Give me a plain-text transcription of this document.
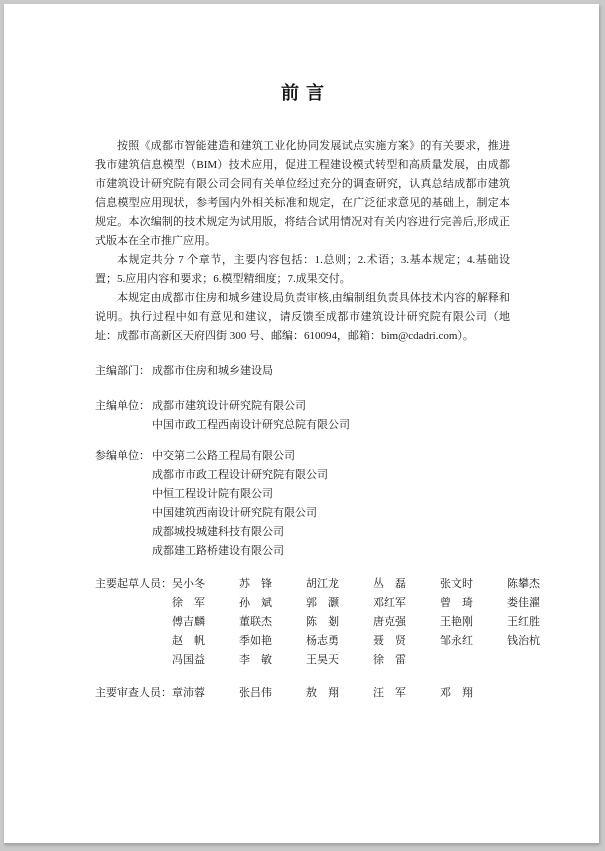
前言

按照《成都市智能建造和建筑工业化协同发展试点实施方案》的有关要求，推进我市建筑信息模型（BIM）技术应用，促进工程建设模式转型和高质量发展，由成都市建筑设计研究院有限公司会同有关单位经过充分的调查研究，认真总结成都市建筑信息模型应用现状，参考国内外相关标准和规定，在广泛征求意见的基础上，制定本规定。本次编制的技术规定为试用版，将结合试用情况对有关内容进行完善后,形成正式版本在全市推广应用。

本规定共分 7 个章节，主要内容包括：1.总则；2.术语；3.基本规定；4.基础设置；5.应用内容和要求；6.模型精细度；7.成果交付。

本规定由成都市住房和城乡建设局负责审核,由编制组负责具体技术内容的解释和说明。执行过程中如有意见和建议，请反馈至成都市建筑设计研究院有限公司（地址：成都市高新区天府四街 300 号、邮编：610094，邮箱：bim@cdadri.com）。

主编部门： 成都市住房和城乡建设局
主编单位： 成都市建筑设计研究院有限公司
中国市政工程西南设计研究总院有限公司
参编单位： 中交第二公路工程局有限公司
成都市市政工程设计研究院有限公司
中恒工程设计院有限公司
中国建筑西南设计研究院有限公司
成都城投城建科技有限公司
成都建工路桥建设有限公司
主要起草人员： 吴小冬	苏　锋	胡江龙	丛　磊	张文时	陈攀杰
徐　军	孙　斌	郭　灏	邓红军	曾　琦	娄佳濯
傅吉麟	董联杰	陈　剗	唐克强	王艳刚	王红胜
赵　帆	季如艳	杨志勇	聂　贤	邹永红	钱治杭
冯国益	李　敏	王昊天	徐　雷
主要审查人员： 章沛蓉	张吕伟	敖　翔	汪　军	邓　翔
